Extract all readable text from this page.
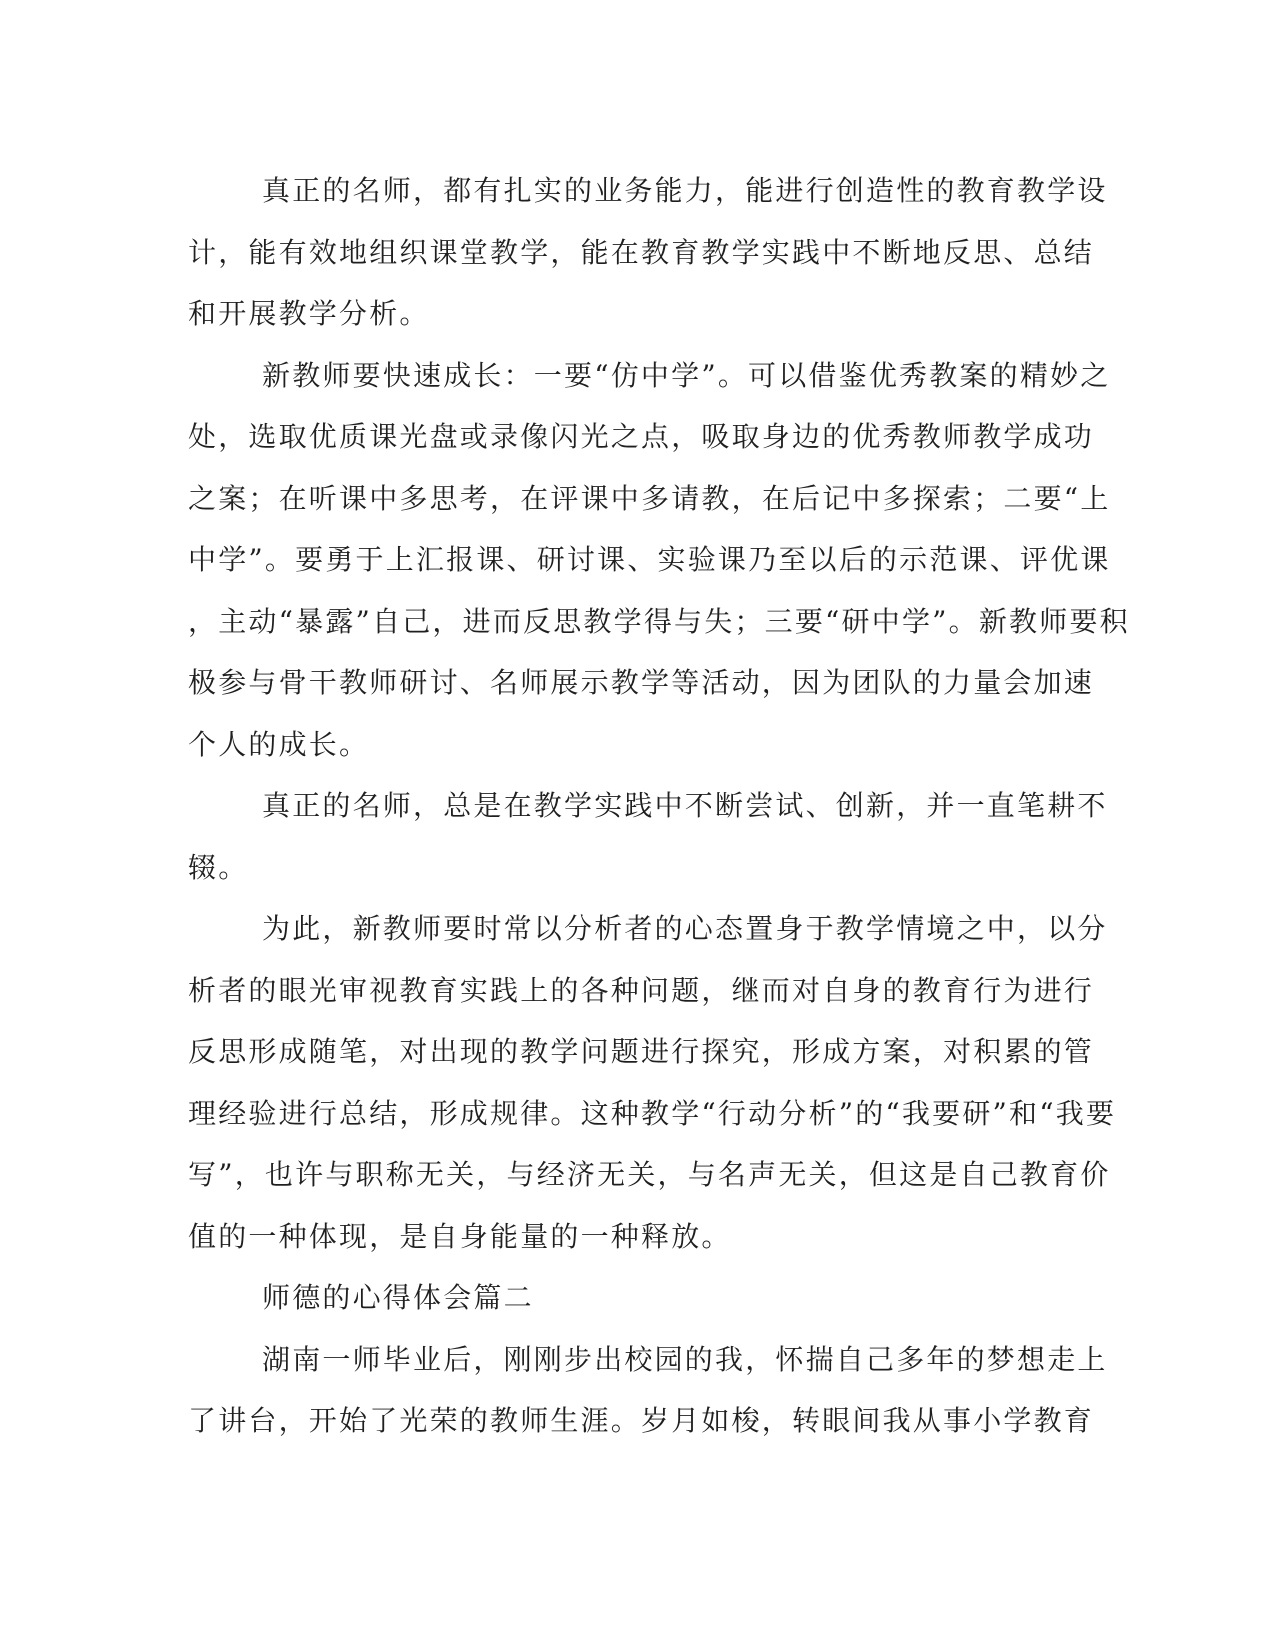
真正的名师，都有扎实的业务能力，能进行创造性的教育教学设
计，能有效地组织课堂教学，能在教育教学实践中不断地反思、总结
和开展教学分析。
新教师要快速成长：一要“仿中学”。可以借鉴优秀教案的精妙之
处，选取优质课光盘或录像闪光之点，吸取身边的优秀教师教学成功
之案；在听课中多思考，在评课中多请教，在后记中多探索；二要“上
中学”。要勇于上汇报课、研讨课、实验课乃至以后的示范课、评优课
，主动“暴露”自己，进而反思教学得与失；三要“研中学”。新教师要积
极参与骨干教师研讨、名师展示教学等活动，因为团队的力量会加速
个人的成长。
真正的名师，总是在教学实践中不断尝试、创新，并一直笔耕不
辍。
为此，新教师要时常以分析者的心态置身于教学情境之中，以分
析者的眼光审视教育实践上的各种问题，继而对自身的教育行为进行
反思形成随笔，对出现的教学问题进行探究，形成方案，对积累的管
理经验进行总结，形成规律。这种教学“行动分析”的“我要研”和“我要
写”，也许与职称无关，与经济无关，与名声无关，但这是自己教育价
值的一种体现，是自身能量的一种释放。
师德的心得体会篇二
湖南一师毕业后，刚刚步出校园的我，怀揣自己多年的梦想走上
了讲台，开始了光荣的教师生涯。岁月如梭，转眼间我从事小学教育
